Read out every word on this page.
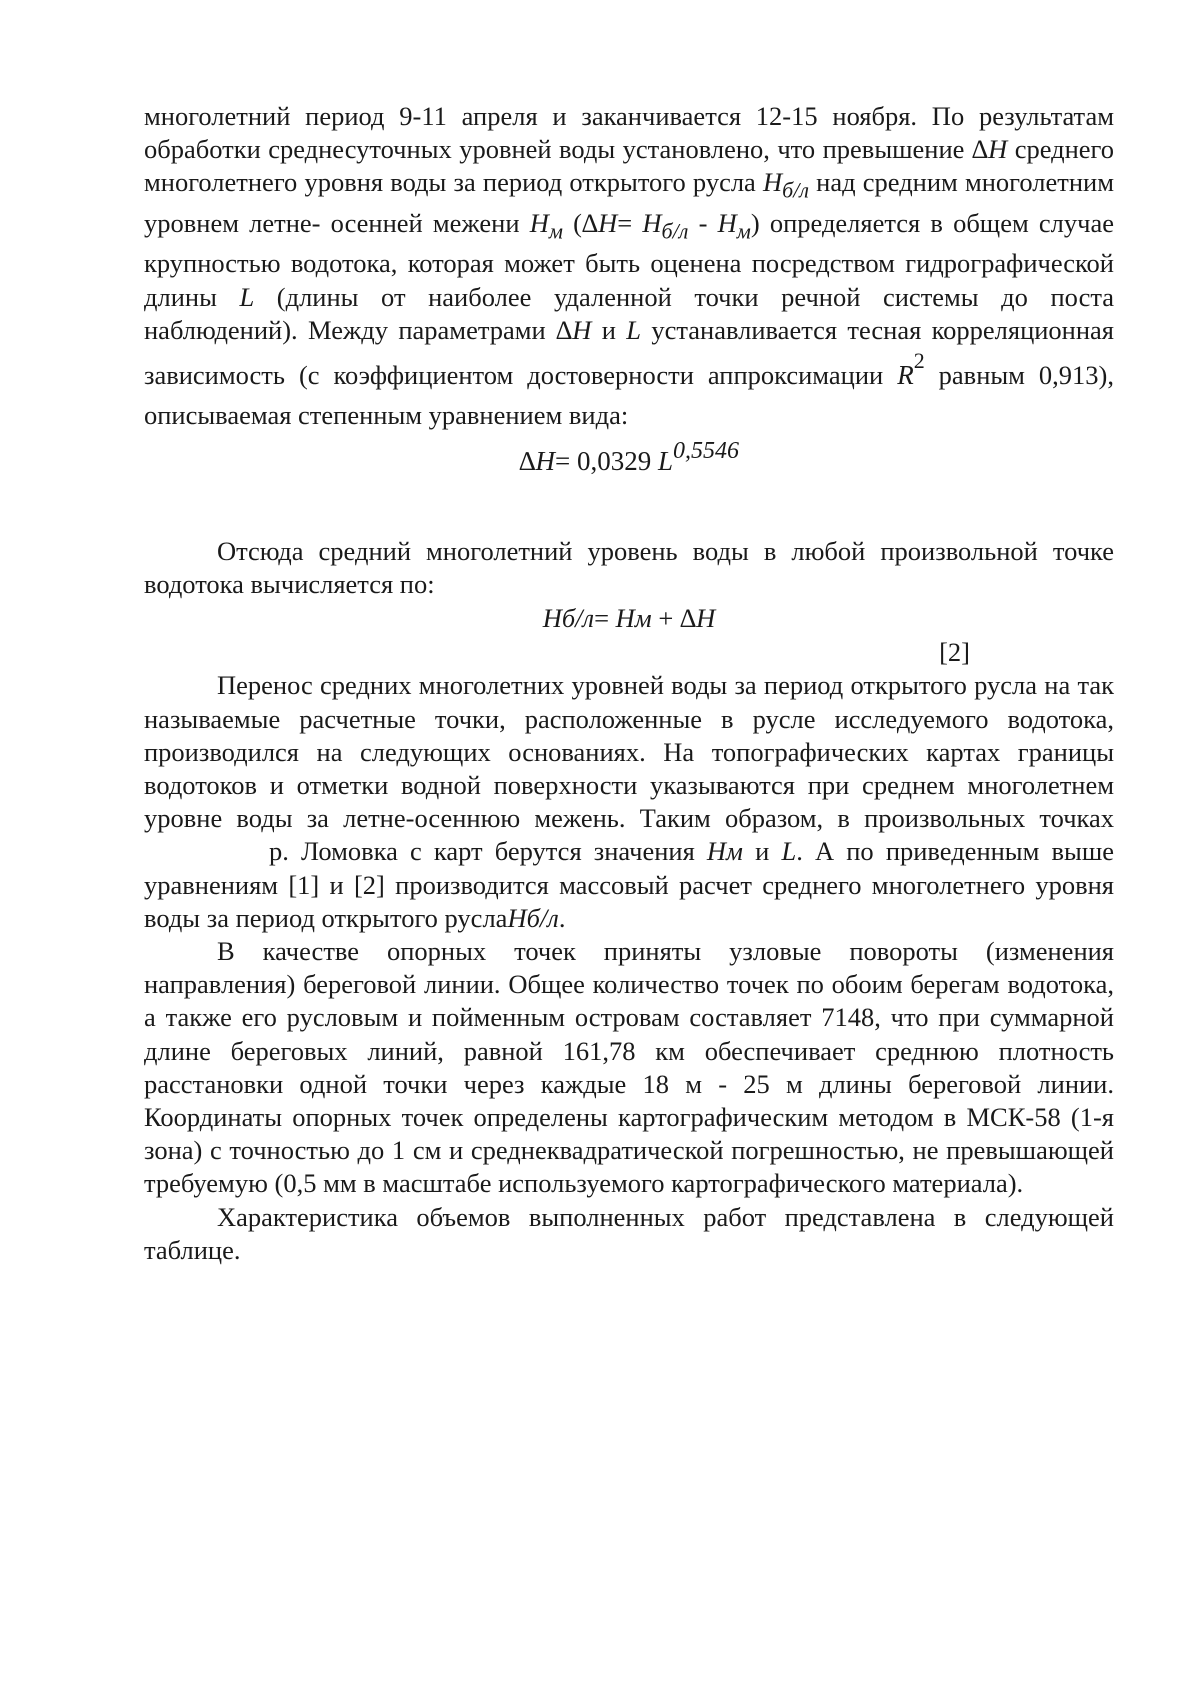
многолетний период 9-11 апреля и заканчивается 12-15 ноября. По результатам обработки среднесуточных уровней воды установлено, что превышение ∆H среднего многолетнего уровня воды за период открытого русла $H_{б/л}$ над средним многолетним уровнем летне- осенней межени $H_м$ $(\Delta H= H_{б/л} - H_м)$ определяется в общем случае крупностью водотока, которая может быть оценена посредством гидрографической длины L (длины от наиболее удаленной точки речной системы до поста наблюдений). Между параметрами ∆H и L устанавливается тесная корреляционная зависимость (с коэффициентом достоверности аппроксимации $R^2$ равным 0,913), описываемая степенным уравнением вида:

∆H= 0,0329 L0,5546

Отсюда средний многолетний уровень воды в любой произвольной точке водотока вычисляется по:

Нб/л= Нм + ∆H
[2]

Перенос средних многолетних уровней воды за период открытого русла на так называемые расчетные точки, расположенные в русле исследуемого водотока, производился на следующих основаниях. На топографических картах границы водотоков и отметки водной поверхности указываются при среднем многолетнем уровне воды за летне-осеннюю межень. Таким образом, в произвольных точкахр. Ломовка с карт берутся значения Нм и L. А по приведенным выше уравнениям [1] и [2] производится массовый расчет среднего многолетнего уровня воды за период открытого руслаНб/л.

В качестве опорных точек приняты узловые повороты (изменения направления) береговой линии. Общее количество точек по обоим берегам водотока, а также его русловым и пойменным островам составляет 7148, что при суммарной длине береговых линий, равной 161,78 км обеспечивает среднюю плотность расстановки одной точки через каждые 18 м - 25 м длины береговой линии. Координаты опорных точек определены картографическим методом в МСК-58 (1-я зона) с точностью до 1 см и среднеквадратической погрешностью, не превышающей требуемую (0,5 мм в масштабе используемого картографического материала).

Характеристика объемов выполненных работ представлена в следующей таблице.
